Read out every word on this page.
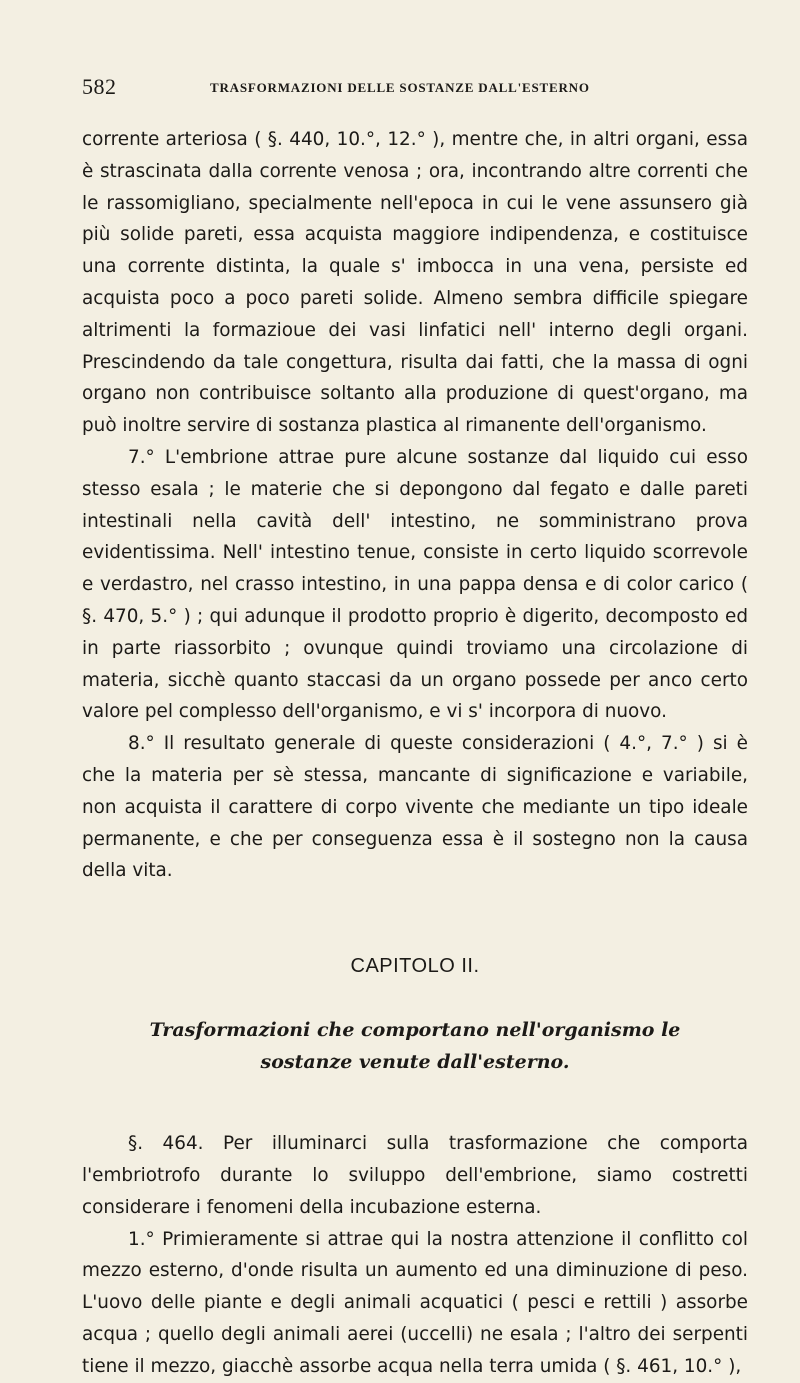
582	TRASFORMAZIONI DELLE SOSTANZE DALL'ESTERNO

corrente arteriosa ( §. 440, 10.°, 12.° ), mentre che, in altri organi, essa è strascinata dalla corrente venosa ; ora, incontrando altre correnti che le rassomigliano, specialmente nell'epoca in cui le vene assunsero già più solide pareti, essa acquista maggiore indipendenza, e costituisce una corrente distinta, la quale s' imbocca in una vena, persiste ed acquista poco a poco pareti solide. Almeno sembra difficile spiegare altrimenti la formazioue dei vasi linfatici nell' interno degli organi. Prescindendo da tale congettura, risulta dai fatti, che la massa di ogni organo non contribuisce soltanto alla produzione di quest'organo, ma può inoltre servire di sostanza plastica al rimanente dell'organismo.

7.° L'embrione attrae pure alcune sostanze dal liquido cui esso stesso esala ; le materie che si depongono dal fegato e dalle pareti intestinali nella cavità dell' intestino, ne somministrano prova evidentissima. Nell' intestino tenue, consiste in certo liquido scorrevole e verdastro, nel crasso intestino, in una pappa densa e di color carico ( §. 470, 5.° ) ; qui adunque il prodotto proprio è digerito, decomposto ed in parte riassorbito ; ovunque quindi troviamo una circolazione di materia, sicchè quanto staccasi da un organo possede per anco certo valore pel complesso dell'organismo, e vi s' incorpora di nuovo.

8.° Il resultato generale di queste considerazioni ( 4.°, 7.° ) si è che la materia per sè stessa, mancante di significazione e variabile, non acquista il carattere di corpo vivente che mediante un tipo ideale permanente, e che per conseguenza essa è il sostegno non la causa della vita.

CAPITOLO II.
Trasformazioni che comportano nell'organismo le sostanze venute dall'esterno.

§. 464. Per illuminarci sulla trasformazione che comporta l'embriotrofo durante lo sviluppo dell'embrione, siamo costretti considerare i fenomeni della incubazione esterna.

1.° Primieramente si attrae qui la nostra attenzione il conflitto col mezzo esterno, d'onde risulta un aumento ed una diminuzione di peso. L'uovo delle piante e degli animali acquatici ( pesci e rettili ) assorbe acqua ; quello degli animali aerei (uccelli) ne esala ; l'altro dei serpenti tiene il mezzo, giacchè assorbe acqua nella terra umida ( §. 461, 10.° ),
